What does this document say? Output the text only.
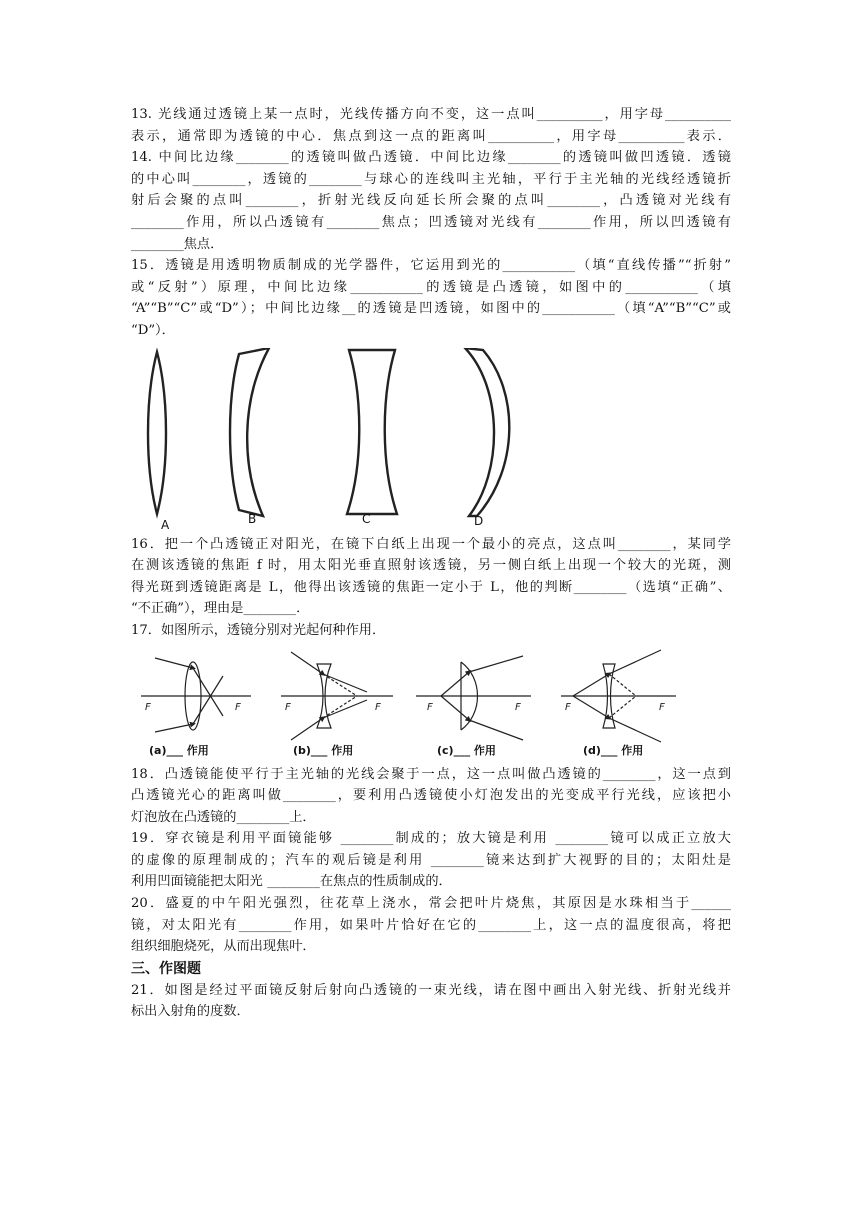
13. 光线通过透镜上某一点时，光线传播方向不变，这一点叫__________，用字母__________
表示，通常即为透镜的中心．焦点到这一点的距离叫__________，用字母__________表示．
14. 中间比边缘________的透镜叫做凸透镜．中间比边缘________的透镜叫做凹透镜．透镜
的中心叫________，透镜的________与球心的连线叫主光轴，平行于主光轴的光线经透镜折
射后会聚的点叫________，折射光线反向延长所会聚的点叫________，凸透镜对光线有
________作用，所以凸透镜有________焦点；凹透镜对光线有________作用，所以凹透镜有
________焦点．
15．透镜是用透明物质制成的光学器件，它运用到光的___________（填“直线传播”“折射”
或“反射”）原理，中间比边缘___________的透镜是凸透镜，如图中的___________（填
“A”“B”“C”或“D”）；中间比边缘__的透镜是凹透镜，如图中的___________（填“A”“B”“C”或
“D”）．
A	B	C	D
16．把一个凸透镜正对阳光，在镜下白纸上出现一个最小的亮点，这点叫________，某同学
在测该透镜的焦距 f 时，用太阳光垂直照射该透镜，另一侧白纸上出现一个较大的光斑，测
得光斑到透镜距离是 L，他得出该透镜的焦距一定小于 L，他的判断________（选填“正确”、
“不正确”），理由是________．
17．如图所示，透镜分别对光起何种作用．
F	F	F	F	F	F	F	F
(a)___ 作用	(b)___ 作用	(c)___ 作用	(d)___ 作用
18．凸透镜能使平行于主光轴的光线会聚于一点，这一点叫做凸透镜的________，这一点到
凸透镜光心的距离叫做________，要利用凸透镜使小灯泡发出的光变成平行光线，应该把小
灯泡放在凸透镜的________上．
19．穿衣镜是利用平面镜能够 ________制成的；放大镜是利用 ________镜可以成正立放大
的虚像的原理制成的；汽车的观后镜是利用 ________镜来达到扩大视野的目的；太阳灶是
利用凹面镜能把太阳光 ________在焦点的性质制成的．
20．盛夏的中午阳光强烈，往花草上浇水，常会把叶片烧焦，其原因是水珠相当于______
镜，对太阳光有________作用，如果叶片恰好在它的________上，这一点的温度很高，将把
组织细胞烧死，从而出现焦叶．
三、作图题
21．如图是经过平面镜反射后射向凸透镜的一束光线，请在图中画出入射光线、折射光线并
标出入射角的度数．
